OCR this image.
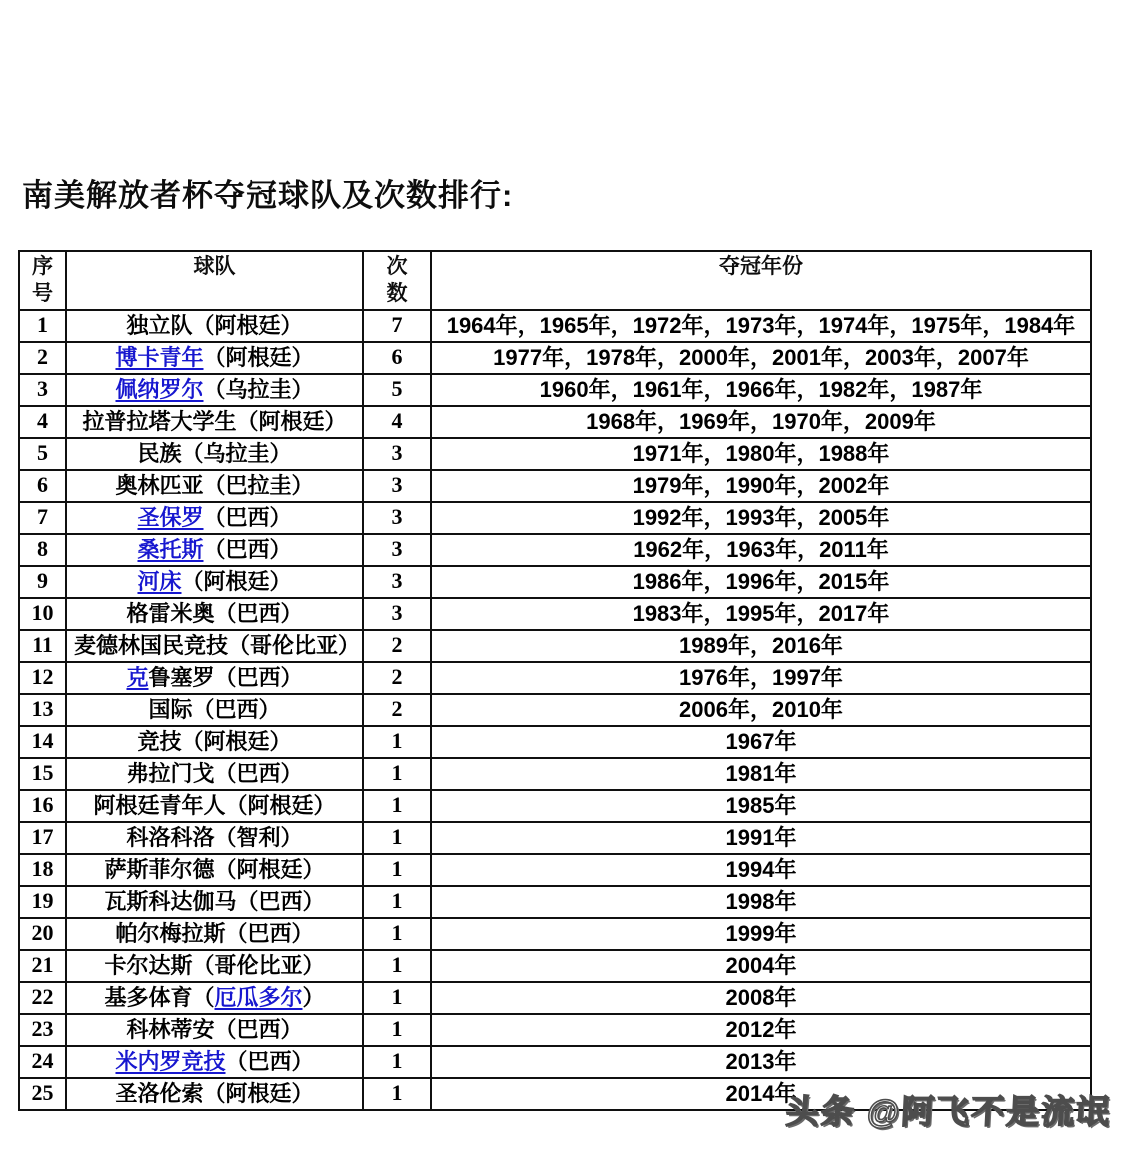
南美解放者杯夺冠球队及次数排行:
序号	球队	次　数	夺冠年份
1	独立队（阿根廷）	7	1964年，1965年，1972年，1973年，1974年，1975年，1984年
2	博卡青年（阿根廷）	6	1977年，1978年，2000年，2001年，2003年，2007年
3	佩纳罗尔（乌拉圭）	5	1960年，1961年，1966年，1982年，1987年
4	拉普拉塔大学生（阿根廷）	4	1968年，1969年，1970年，2009年
5	民族（乌拉圭）	3	1971年，1980年，1988年
6	奥林匹亚（巴拉圭）	3	1979年，1990年，2002年
7	圣保罗（巴西）	3	1992年，1993年，2005年
8	桑托斯（巴西）	3	1962年，1963年，2011年
9	河床（阿根廷）	3	1986年，1996年，2015年
10	格雷米奥（巴西）	3	1983年，1995年，2017年
11	麦德林国民竞技（哥伦比亚）	2	1989年，2016年
12	克鲁塞罗（巴西）	2	1976年，1997年
13	国际（巴西）	2	2006年，2010年
14	竞技（阿根廷）	1	1967年
15	弗拉门戈（巴西）	1	1981年
16	阿根廷青年人（阿根廷）	1	1985年
17	科洛科洛（智利）	1	1991年
18	萨斯菲尔德（阿根廷）	1	1994年
19	瓦斯科达伽马（巴西）	1	1998年
20	帕尔梅拉斯（巴西）	1	1999年
21	卡尔达斯（哥伦比亚）	1	2004年
22	基多体育（厄瓜多尔）	1	2008年
23	科林蒂安（巴西）	1	2012年
24	米内罗竞技（巴西）	1	2013年
25	圣洛伦索（阿根廷）	1	2014年
头条 @阿飞不是流氓
